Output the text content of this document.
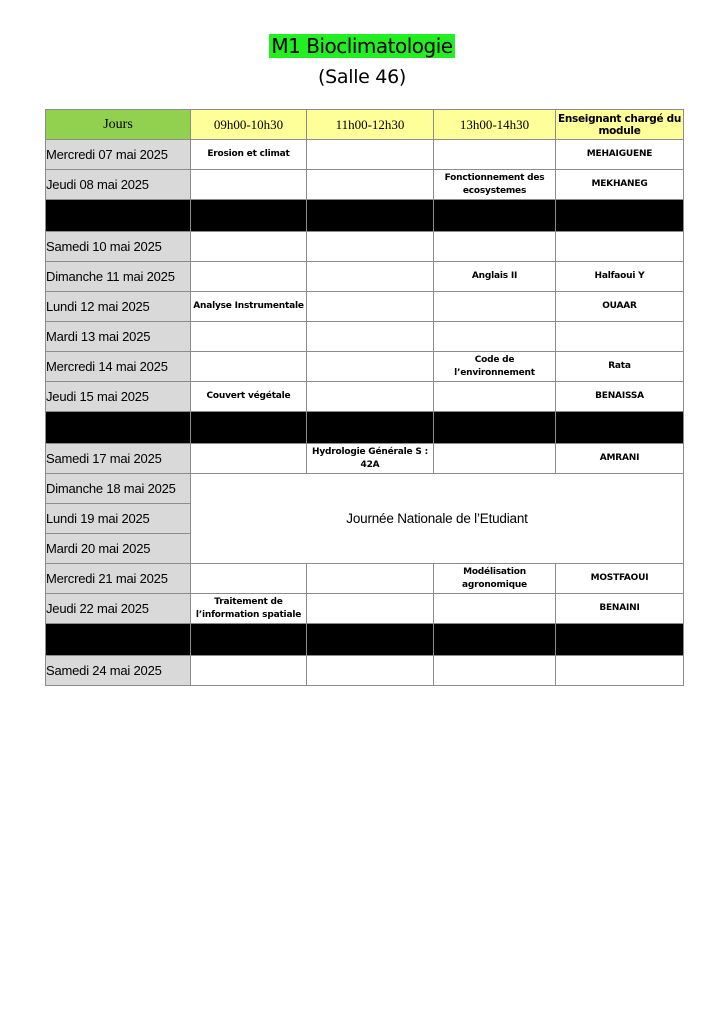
M1 Bioclimatologie
(Salle 46)
Jours	09h00-10h30	11h00-12h30	13h00-14h30	Enseignant chargé du module
Mercredi 07 mai 2025	Erosion et climat			MEHAIGUENE
Jeudi 08 mai 2025			Fonctionnement des ecosystemes	MEKHANEG

Samedi 10 mai 2025				
Dimanche 11 mai 2025			Anglais II	Halfaoui Y
Lundi 12 mai 2025	Analyse Instrumentale			OUAAR
Mardi 13 mai 2025				
Mercredi 14 mai 2025			Code de l’environnement	Rata
Jeudi 15 mai 2025	Couvert végétale			BENAISSA

Samedi 17 mai 2025		Hydrologie Générale S : 42A		AMRANI
Dimanche 18 mai 2025	Journée Nationale de l’Etudiant			
Lundi 19 mai 2025				
Mardi 20 mai 2025				
Mercredi 21 mai 2025			Modélisation agronomique	MOSTFAOUI
Jeudi 22 mai 2025	Traitement de l’information spatiale			BENAINI

Samedi 24 mai 2025				
